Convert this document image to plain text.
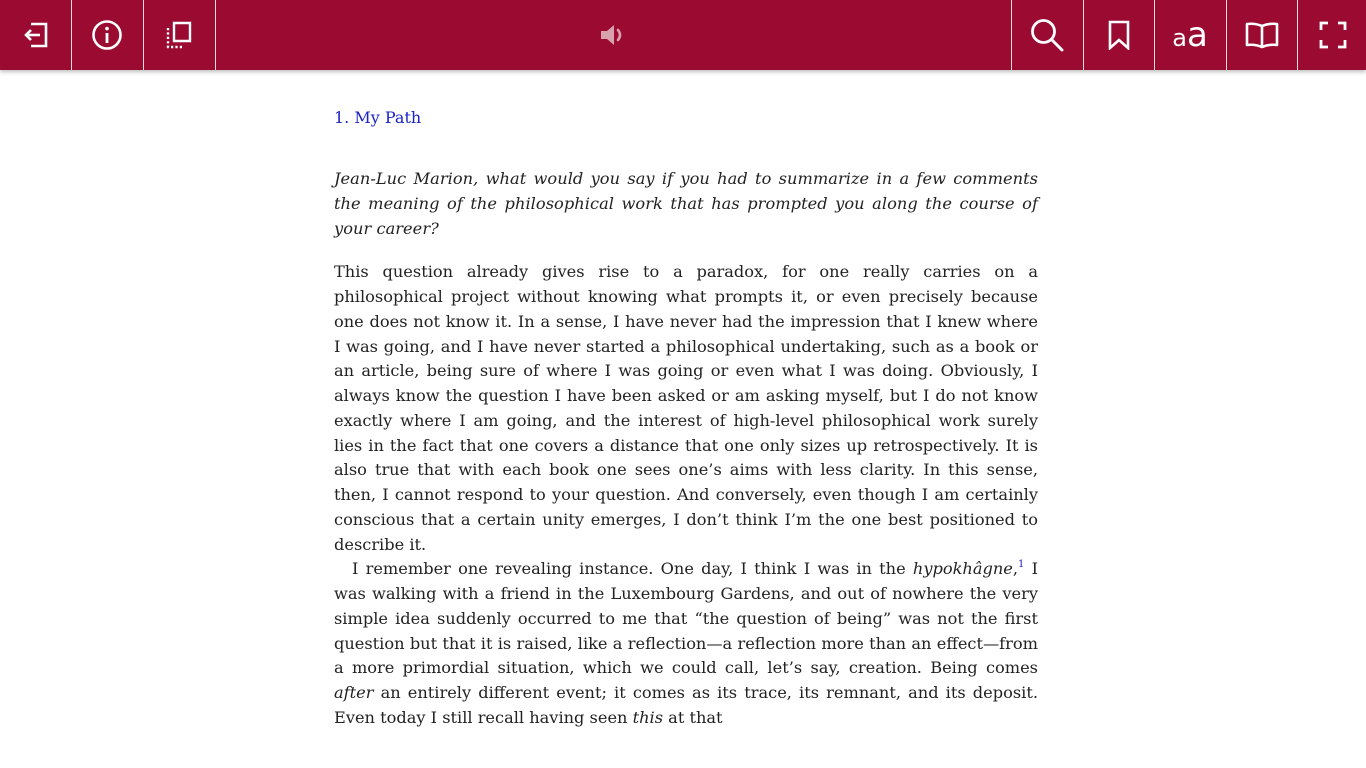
aa

1. My Path

Jean-Luc Marion, what would you say if you had to summarize in a few comments the meaning of the philosophical work that has prompted you along the course of your career?

This question already gives rise to a paradox, for one really carries on a philosophical project without knowing what prompts it, or even precisely because one does not know it. In a sense, I have never had the impression that I knew where I was going, and I have never started a philosophical undertaking, such as a book or an article, being sure of where I was going or even what I was doing. Obviously, I always know the question I have been asked or am asking myself, but I do not know exactly where I am going, and the interest of high-level philosophical work surely lies in the fact that one covers a distance that one only sizes up retrospectively. It is also true that with each book one sees one’s aims with less clarity. In this sense, then, I cannot respond to your question. And conversely, even though I am certainly conscious that a certain unity emerges, I don’t think I’m the one best positioned to describe it.

I remember one revealing instance. One day, I think I was in the hypokhâgne,$^1$ I was walking with a friend in the Luxembourg Gardens, and out of nowhere the very simple idea suddenly occurred to me that “the question of being” was not the first question but that it is raised, like a reflection—a reflection more than an effect—from a more primordial situation, which we could call, let’s say, creation. Being comes after an entirely different event; it comes as its trace, its remnant, and its deposit. Even today I still recall having seen this at that
